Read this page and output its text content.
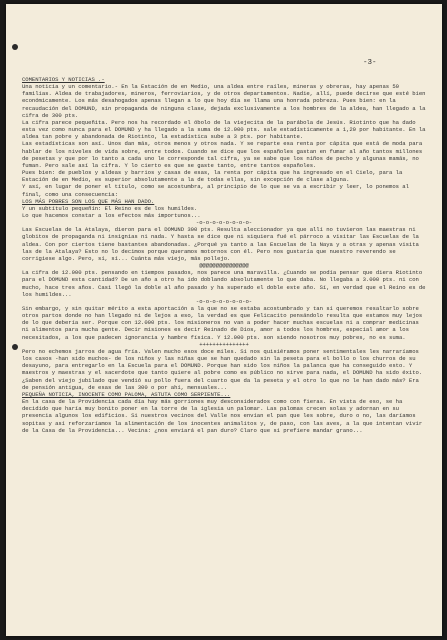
-3-
COMENTARIOS Y NOTICIAS .-
Una noticia y un comentario.- En la Estación de en Medio, una aldea entre raíles, mineras y obreras, hay apenas 50 familias. Aldea de trabajadores, mineros, ferroviarios, y de otros departamentos. Nadie, allí, puede decirse que esté bien económicamente. Los más desahogados apenas llegan a lo que hoy día se llama una honrada pobreza. Pues bien: en la recaudación del DOMUND, sin propaganda de ninguna clase, dejada exclusivamente a los hombres de la aldea, han llegado a la cifra de 300 pts.
La cifra parece pequeñita. Pero nos ha recordado el óbolo de la viejecita de la parábola de Jesús. Riotinto que ha dado esta vez como nunca para el DOMUND y ha llegado a la suma de 12.000 pts. sale estadísticamente a 1,20 por habitante. En la aldea tan pobre y abandonada de Riotinto, la estadística sube a 3 pts. por habitante.
Las estadísticas son así. Unos dan más, otros menos y otros nada. Y se reparte esa renta por cápita que está de moda para hablar de los niveles de vida sobre, entre todos. Cuando se dice que los españoles gastan en fumar al año tantos millones de pesetas y que por lo tanto a cada uno le corresponde tal cifra, ya se sabe que los niños de pecho y algunas mamás, no fuman. Pero sale así la cifra. Y lo cierto es que se gaste tanto, entre tantos españoles.
Pues bien: de pueblos y aldeas y barrios y casas de esas, la renta por cápita que ha ingresado en el Cielo, para la Estación de en Medio, es superior absolutamente a la de todas ellas, sin excepción de clase alguna.
Y así, en lugar de poner el título, como se acostumbra, al principio de lo que se va a escribir y leer, lo ponemos al final, como una consecuencia:
LOS MÁS POBRES SON LOS QUE MÁS HAN DADO.
Y un subtítulo pequeñín: El Reino es de los humildes.
Lo que hacemos constar a los efectos más importunos...
-o-o-o-o-o-o-o-o-
Las Escuelas de la Atalaya, dieron para el DOMUND 300 pts. Resulta aleccionador ya que allí no tuvieron las maestras ni globitos de propaganda ni insignias ni nada. Y hasta se dice que ni siquiera fué el párroco a visitar las Escuelas de la aldea. Con por ciertos tiene bastantes abandonadas. ¿Porqué ya tanto a las Escuelas de la Naya y a otras y apenas visita las de la Atalaya? Esto no lo decimos porque queramos motornos con él. Pero nos gustaría que nuestro reverendo se corrigiese algo. Pero, sí, sí... Cuánta más viejo, más pollejo.
@@@@@@@@@@@@@@@
La cifra de 12.000 pts. pensando en tiempos pasados, nos parece una maravilla. ¿Cuando se podía pensar que diera Riotinto para el DOMUND esta cantidad? De un año a otro ha ido doblando absolutamente lo que daba. No llegaba a 3.000 pts. ni con mucho, hace tres años. Casi llegó la doble al año pasado y ha superado el doble este año. Sí, en verdad que el Reino es de los humildes...
-o-o-o-o-o-o-o-o-
Sin embargo, y sin quitar mérito a esta aportación a la que no se estaba acostumbrado y tan sí queremos resaltarlo sobre otros partos donde no han llegado ni de lejos a eso, la verdad es que Felicacito pensándolo resulta que estamos muy lejos de lo que debería ser. Porque con 12.000 pts. los misioneros no van a poder hacer muchas escuelas ni a comprar medicinas ni alimentos para mucha gente. Decir misiones es decir Reinado de Dios, amor a todos los hombres, especial amor a los necesitados, a los que padecen ignorancia y hambre física. Y 12.000 pts. son siendo nosotros muy pobres, no es suma.
+++++++++++++++
Pero no echemos jarros de agua fría. Valen mucho esos doce miles. Si nos quisiéramos poner sentimentales les narraríamos los casos -han sido muchos- de los niños y las niñas que se han quedado sin la peseta para el bollo o los churros de su desayuno, para entregarlo en la Escuela para el DOMUND. Porque han sido los niños la palanca que ha conseguido esto. Y maestros y maestras y el sacerdote que tanto quiere al pobre como es público no sirve para nada, el DOMUND ha sido éxito. ¿Saben del viejo jubilado que vendió su pollo fuera del cuarto que da la peseta y el otro lo que no le han dado más? Era de pensión antigua, de esas de las 300 o por ahí, mensuales...
PEQUEÑA NOTICIA, INOCENTE COMO PALOMA, ASTUTA COMO SERPIENTE...
En la casa de la Providencia cada día hay más gorriones muy desconsiderados como con fieras. En vista de eso, se ha decidido que haría muy bonito poner en la torre de la iglesia un palomar. Las palomas crecen solas y adornan en su presencia algunos los edificios. Si nuestros vecinos del Valle nos envían el pan que les sobre, duro o no, las daríamos sopitas y así reforzaríamos la alimentación de los inocentes animalitos y, de paso, con las aves, a la que intentan vivir de la Casa de la Providencia... Vecina: ¿nos enviará el pan duro? Claro que si prefiere mandar grano...
